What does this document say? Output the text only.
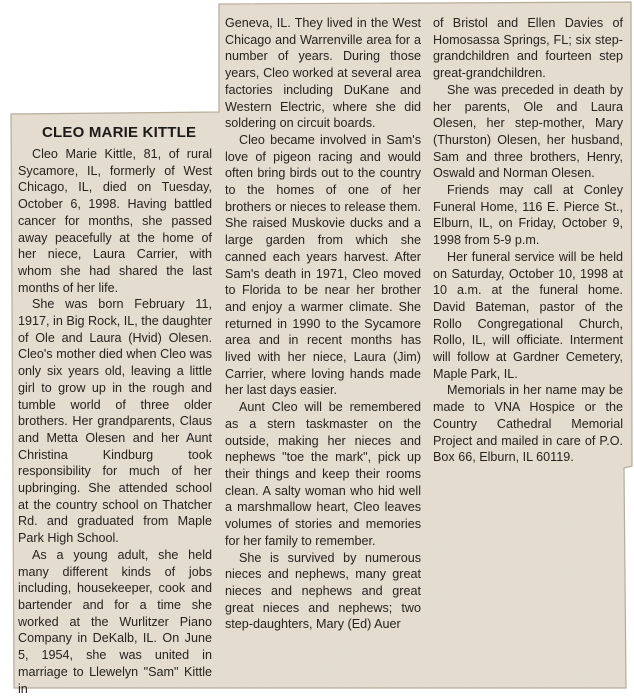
CLEO MARIE KITTLE

Cleo Marie Kittle, 81, of rural Sycamore, IL, formerly of West Chicago, IL, died on Tuesday, October 6, 1998. Having battled cancer for months, she passed away peacefully at the home of her niece, Laura Carrier, with whom she had shared the last months of her life.

She was born February 11, 1917, in Big Rock, IL, the daughter of Ole and Laura (Hvid) Olesen. Cleo's mother died when Cleo was only six years old, leaving a little girl to grow up in the rough and tumble world of three older brothers. Her grandparents, Claus and Metta Olesen and her Aunt Christina Kindburg took responsibility for much of her upbringing. She attended school at the country school on Thatcher Rd. and graduated from Maple Park High School.

As a young adult, she held many different kinds of jobs including, housekeeper, cook and bartender and for a time she worked at the Wurlitzer Piano Company in DeKalb, IL. On June 5, 1954, she was united in marriage to Llewelyn "Sam" Kittle in

Geneva, IL. They lived in the West Chicago and Warrenville area for a number of years. During those years, Cleo worked at several area factories including DuKane and Western Electric, where she did soldering on circuit boards.

Cleo became involved in Sam's love of pigeon racing and would often bring birds out to the country to the homes of one of her brothers or nieces to release them. She raised Muskovie ducks and a large garden from which she canned each years harvest. After Sam's death in 1971, Cleo moved to Florida to be near her brother and enjoy a warmer climate. She returned in 1990 to the Sycamore area and in recent months has lived with her niece, Laura (Jim) Carrier, where loving hands made her last days easier.

Aunt Cleo will be remembered as a stern taskmaster on the outside, making her nieces and nephews "toe the mark", pick up their things and keep their rooms clean. A salty woman who hid well a marshmallow heart, Cleo leaves volumes of stories and memories for her family to remember.

She is survived by numerous nieces and nephews, many great nieces and nephews and great great nieces and nephews; two step-daughters, Mary (Ed) Auer

of Bristol and Ellen Davies of Homosassa Springs, FL; six step-grandchildren and fourteen step great-grandchildren.

She was preceded in death by her parents, Ole and Laura Olesen, her step-mother, Mary (Thurston) Olesen, her husband, Sam and three brothers, Henry, Oswald and Norman Olesen.

Friends may call at Conley Funeral Home, 116 E. Pierce St., Elburn, IL, on Friday, October 9, 1998 from 5-9 p.m.

Her funeral service will be held on Saturday, October 10, 1998 at 10 a.m. at the funeral home. David Bateman, pastor of the Rollo Congregational Church, Rollo, IL, will officiate. Interment will follow at Gardner Cemetery, Maple Park, IL.

Memorials in her name may be made to VNA Hospice or the Country Cathedral Memorial Project and mailed in care of P.O. Box 66, Elburn, IL 60119.
